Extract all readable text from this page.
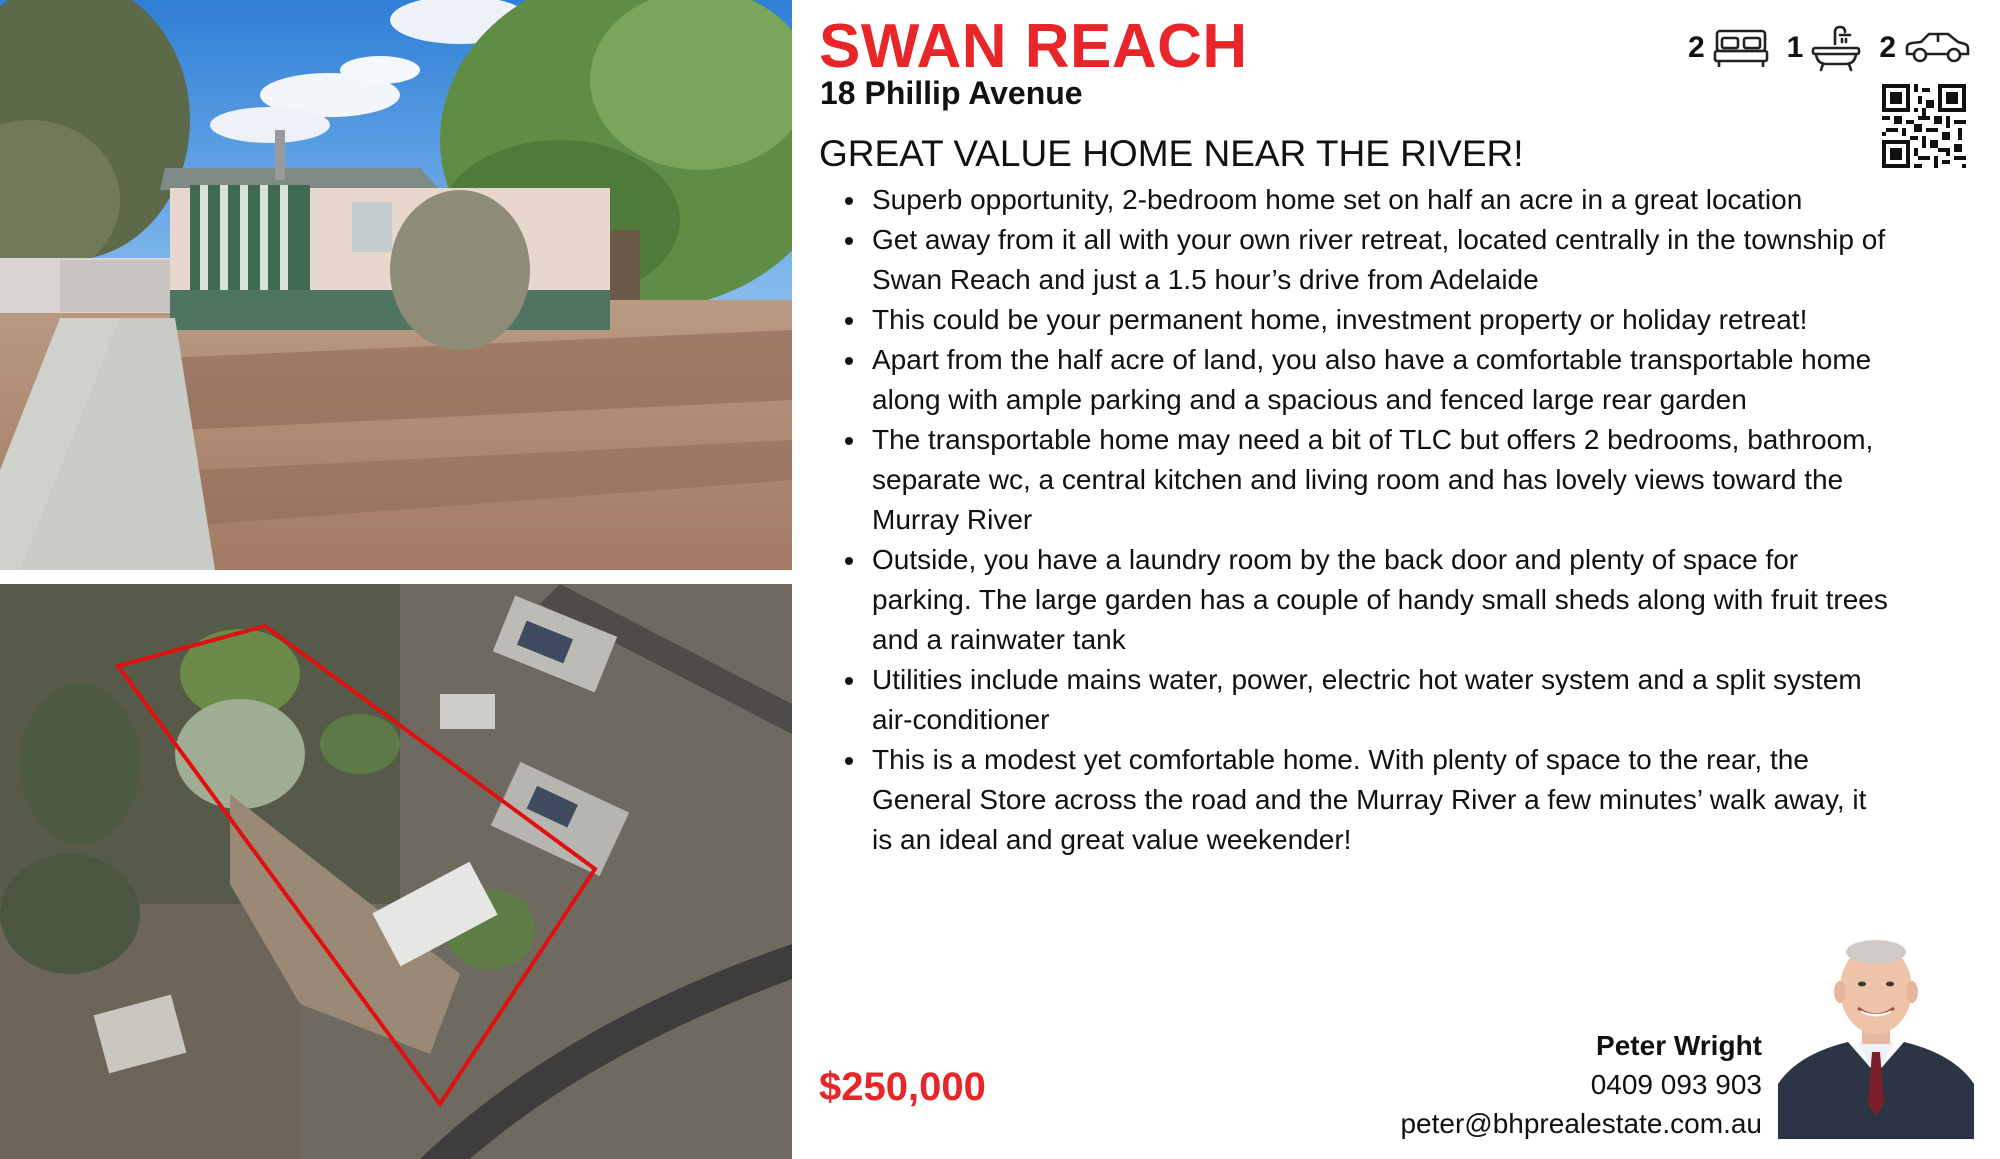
SWAN REACH
18 Phillip Avenue
2	1	2
GREAT VALUE HOME NEAR THE RIVER!
• Superb opportunity, 2-bedroom home set on half an acre in a great location
• Get away from it all with your own river retreat, located centrally in the township of Swan Reach and just a 1.5 hour’s drive from Adelaide
• This could be your permanent home, investment property or holiday retreat!
• Apart from the half acre of land, you also have a comfortable transportable home along with ample parking and a spacious and fenced large rear garden
• The transportable home may need a bit of TLC but offers 2 bedrooms, bathroom, separate wc, a central kitchen and living room and has lovely views toward the Murray River
• Outside, you have a laundry room by the back door and plenty of space for parking. The large garden has a couple of handy small sheds along with fruit trees and a rainwater tank
• Utilities include mains water, power, electric hot water system and a split system air-conditioner
• This is a modest yet comfortable home. With plenty of space to the rear, the General Store across the road and the Murray River a few minutes’ walk away, it is an ideal and great value weekender!
$250,000
Peter Wright
0409 093 903
peter@bhprealestate.com.au
